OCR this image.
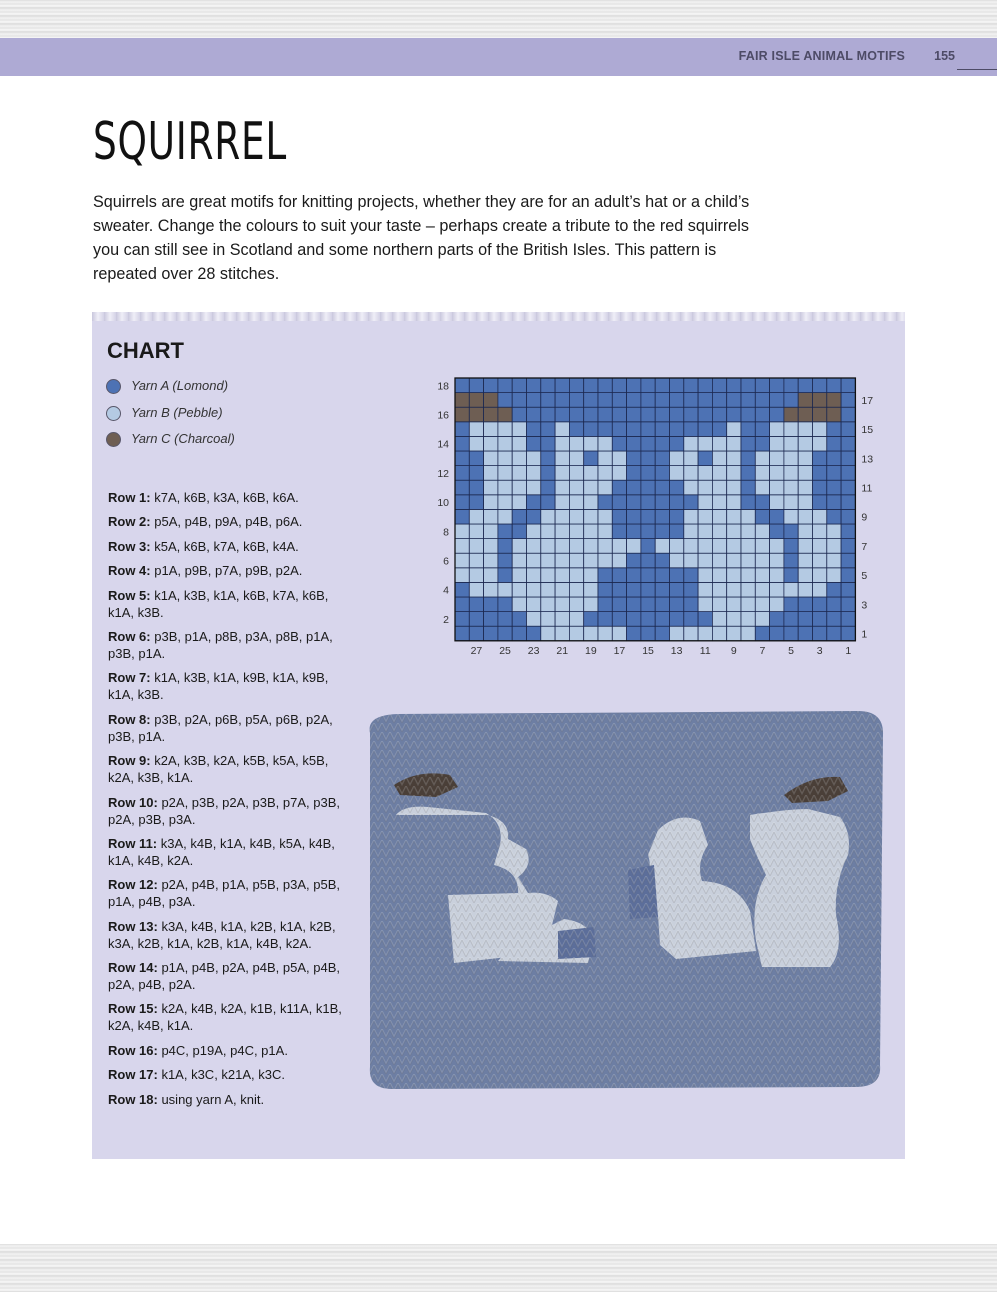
FAIR ISLE ANIMAL MOTIFS 155
SQUIRREL

Squirrels are great motifs for knitting projects, whether they are for an adult’s hat or a child’s sweater. Change the colours to suit your taste – perhaps create a tribute to the red squirrels you can still see in Scotland and some northern parts of the British Isles. This pattern is repeated over 28 stitches.

CHART
Yarn A (Lomond)
Yarn B (Pebble)
Yarn C (Charcoal)
Row 1: k7A, k6B, k3A, k6B, k6A.
Row 2: p5A, p4B, p9A, p4B, p6A.
Row 3: k5A, k6B, k7A, k6B, k4A.
Row 4: p1A, p9B, p7A, p9B, p2A.
Row 5: k1A, k3B, k1A, k6B, k7A, k6B, k1A, k3B.
Row 6: p3B, p1A, p8B, p3A, p8B, p1A, p3B, p1A.
Row 7: k1A, k3B, k1A, k9B, k1A, k9B, k1A, k3B.
Row 8: p3B, p2A, p6B, p5A, p6B, p2A, p3B, p1A.
Row 9: k2A, k3B, k2A, k5B, k5A, k5B, k2A, k3B, k1A.
Row 10: p2A, p3B, p2A, p3B, p7A, p3B, p2A, p3B, p3A.
Row 11: k3A, k4B, k1A, k4B, k5A, k4B, k1A, k4B, k2A.
Row 12: p2A, p4B, p1A, p5B, p3A, p5B, p1A, p4B, p3A.
Row 13: k3A, k4B, k1A, k2B, k1A, k2B, k3A, k2B, k1A, k2B, k1A, k4B, k2A.
Row 14: p1A, p4B, p2A, p4B, p5A, p4B, p2A, p4B, p2A.
Row 15: k2A, k4B, k2A, k1B, k11A, k1B, k2A, k4B, k1A.
Row 16: p4C, p19A, p4C, p1A.
Row 17: k1A, k3C, k21A, k3C.
Row 18: using yarn A, knit.
2
4
6
8
10
12
14
16
18
1
3
5
7
9
11
13
15
17
27 25 23 21 19 17 15 13 11 9 7 5 3 1
